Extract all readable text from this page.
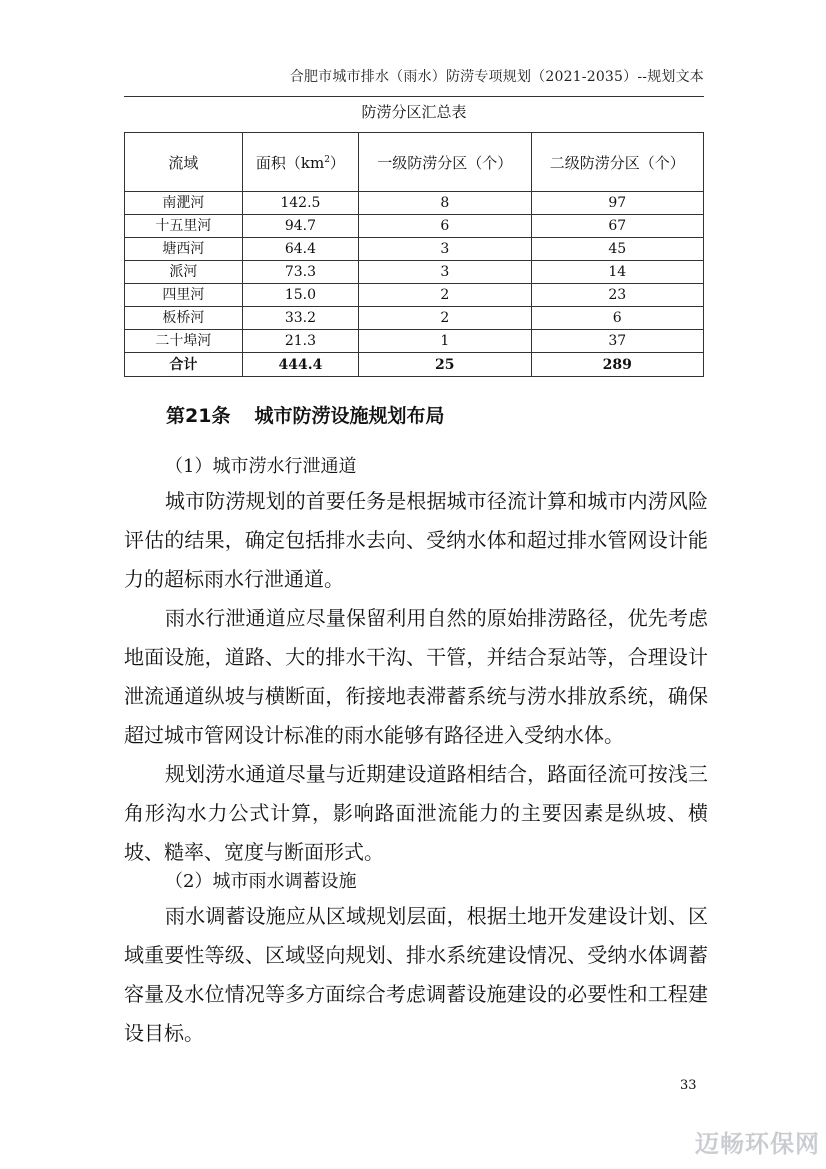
合肥市城市排水（雨水）防涝专项规划（2021-2035）--规划文本
防涝分区汇总表
流域	面积$(km^2)$	一级防涝分区（个）	二级防涝分区（个）
南淝河	142.5	8	97
十五里河	94.7	6	67
塘西河	64.4	3	45
派河	73.3	3	14
四里河	15.0	2	23
板桥河	33.2	2	6
二十埠河	21.3	1	37
合计	444.4	25	289
第21条 城市防涝设施规划布局
（1）城市涝水行泄通道

城市防涝规划的首要任务是根据城市径流计算和城市内涝风险评估的结果，确定包括排水去向、受纳水体和超过排水管网设计能力的超标雨水行泄通道。

雨水行泄通道应尽量保留利用自然的原始排涝路径，优先考虑地面设施，道路、大的排水干沟、干管，并结合泵站等，合理设计泄流通道纵坡与横断面，衔接地表滞蓄系统与涝水排放系统，确保超过城市管网设计标准的雨水能够有路径进入受纳水体。

规划涝水通道尽量与近期建设道路相结合，路面径流可按浅三角形沟水力公式计算，影响路面泄流能力的主要因素是纵坡、横坡、糙率、宽度与断面形式。

（2）城市雨水调蓄设施

雨水调蓄设施应从区域规划层面，根据土地开发建设计划、区域重要性等级、区域竖向规划、排水系统建设情况、受纳水体调蓄容量及水位情况等多方面综合考虑调蓄设施建设的必要性和工程建设目标。

33
迈畅环保网
